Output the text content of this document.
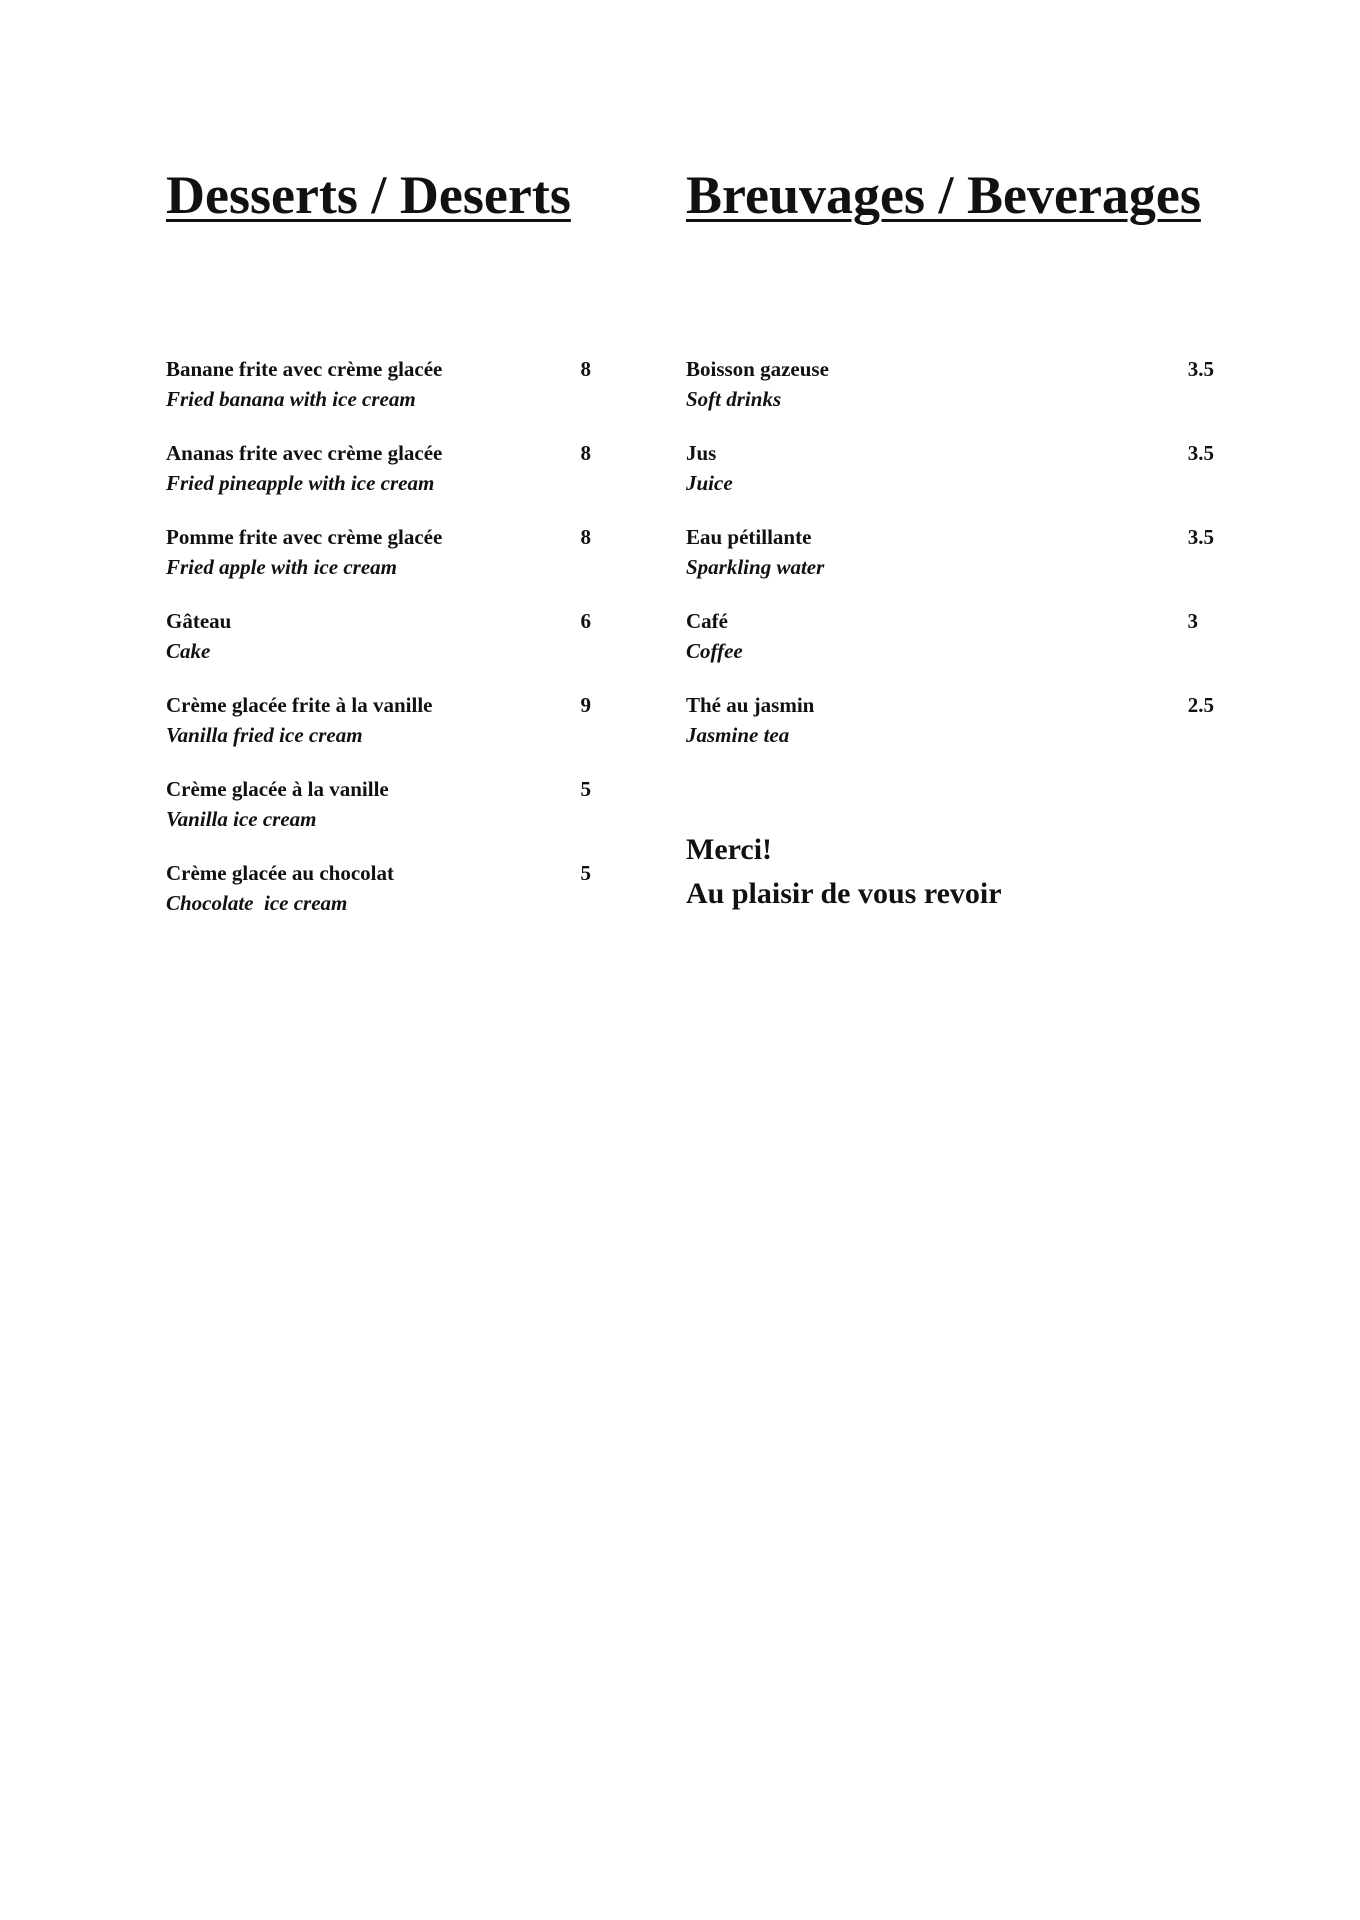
Desserts / Deserts
Banane frite avec crème glacée
Fried banana with ice cream
8
Ananas frite avec crème glacée
Fried pineapple with ice cream
8
Pomme frite avec crème glacée
Fried apple with ice cream
8
Gâteau
Cake
6
Crème glacée frite à la vanille
Vanilla fried ice cream
9
Crème glacée à la vanille
Vanilla ice cream
5
Crème glacée au chocolat
Chocolate  ice cream
5
Breuvages / Beverages
Boisson gazeuse
Soft drinks
3.5
Jus
Juice
3.5
Eau pétillante
Sparkling water
3.5
Café
Coffee
3
Thé au jasmin
Jasmine tea
2.5
Merci!
Au plaisir de vous revoir
